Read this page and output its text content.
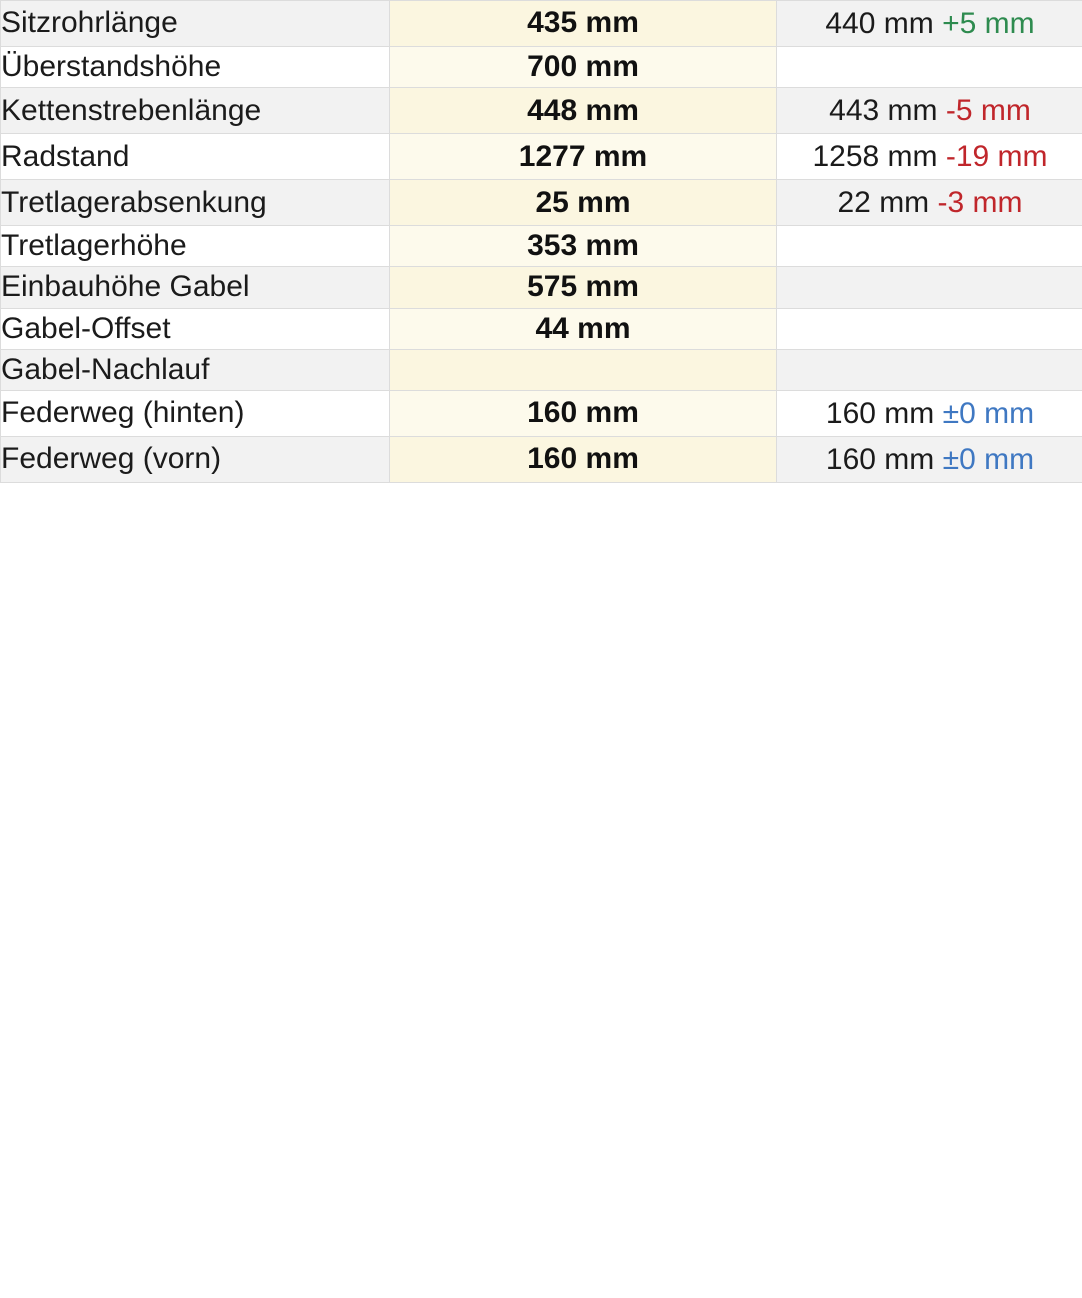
Sitzrohrlänge	435 mm	440 mm +5 mm
Überstandshöhe	700 mm	
Kettenstrebenlänge	448 mm	443 mm -5 mm
Radstand	1277 mm	1258 mm -19 mm
Tretlagerabsenkung	25 mm	22 mm -3 mm
Tretlagerhöhe	353 mm	
Einbauhöhe Gabel	575 mm	
Gabel-Offset	44 mm	
Gabel-Nachlauf		
Federweg (hinten)	160 mm	160 mm ±0 mm
Federweg (vorn)	160 mm	160 mm ±0 mm
